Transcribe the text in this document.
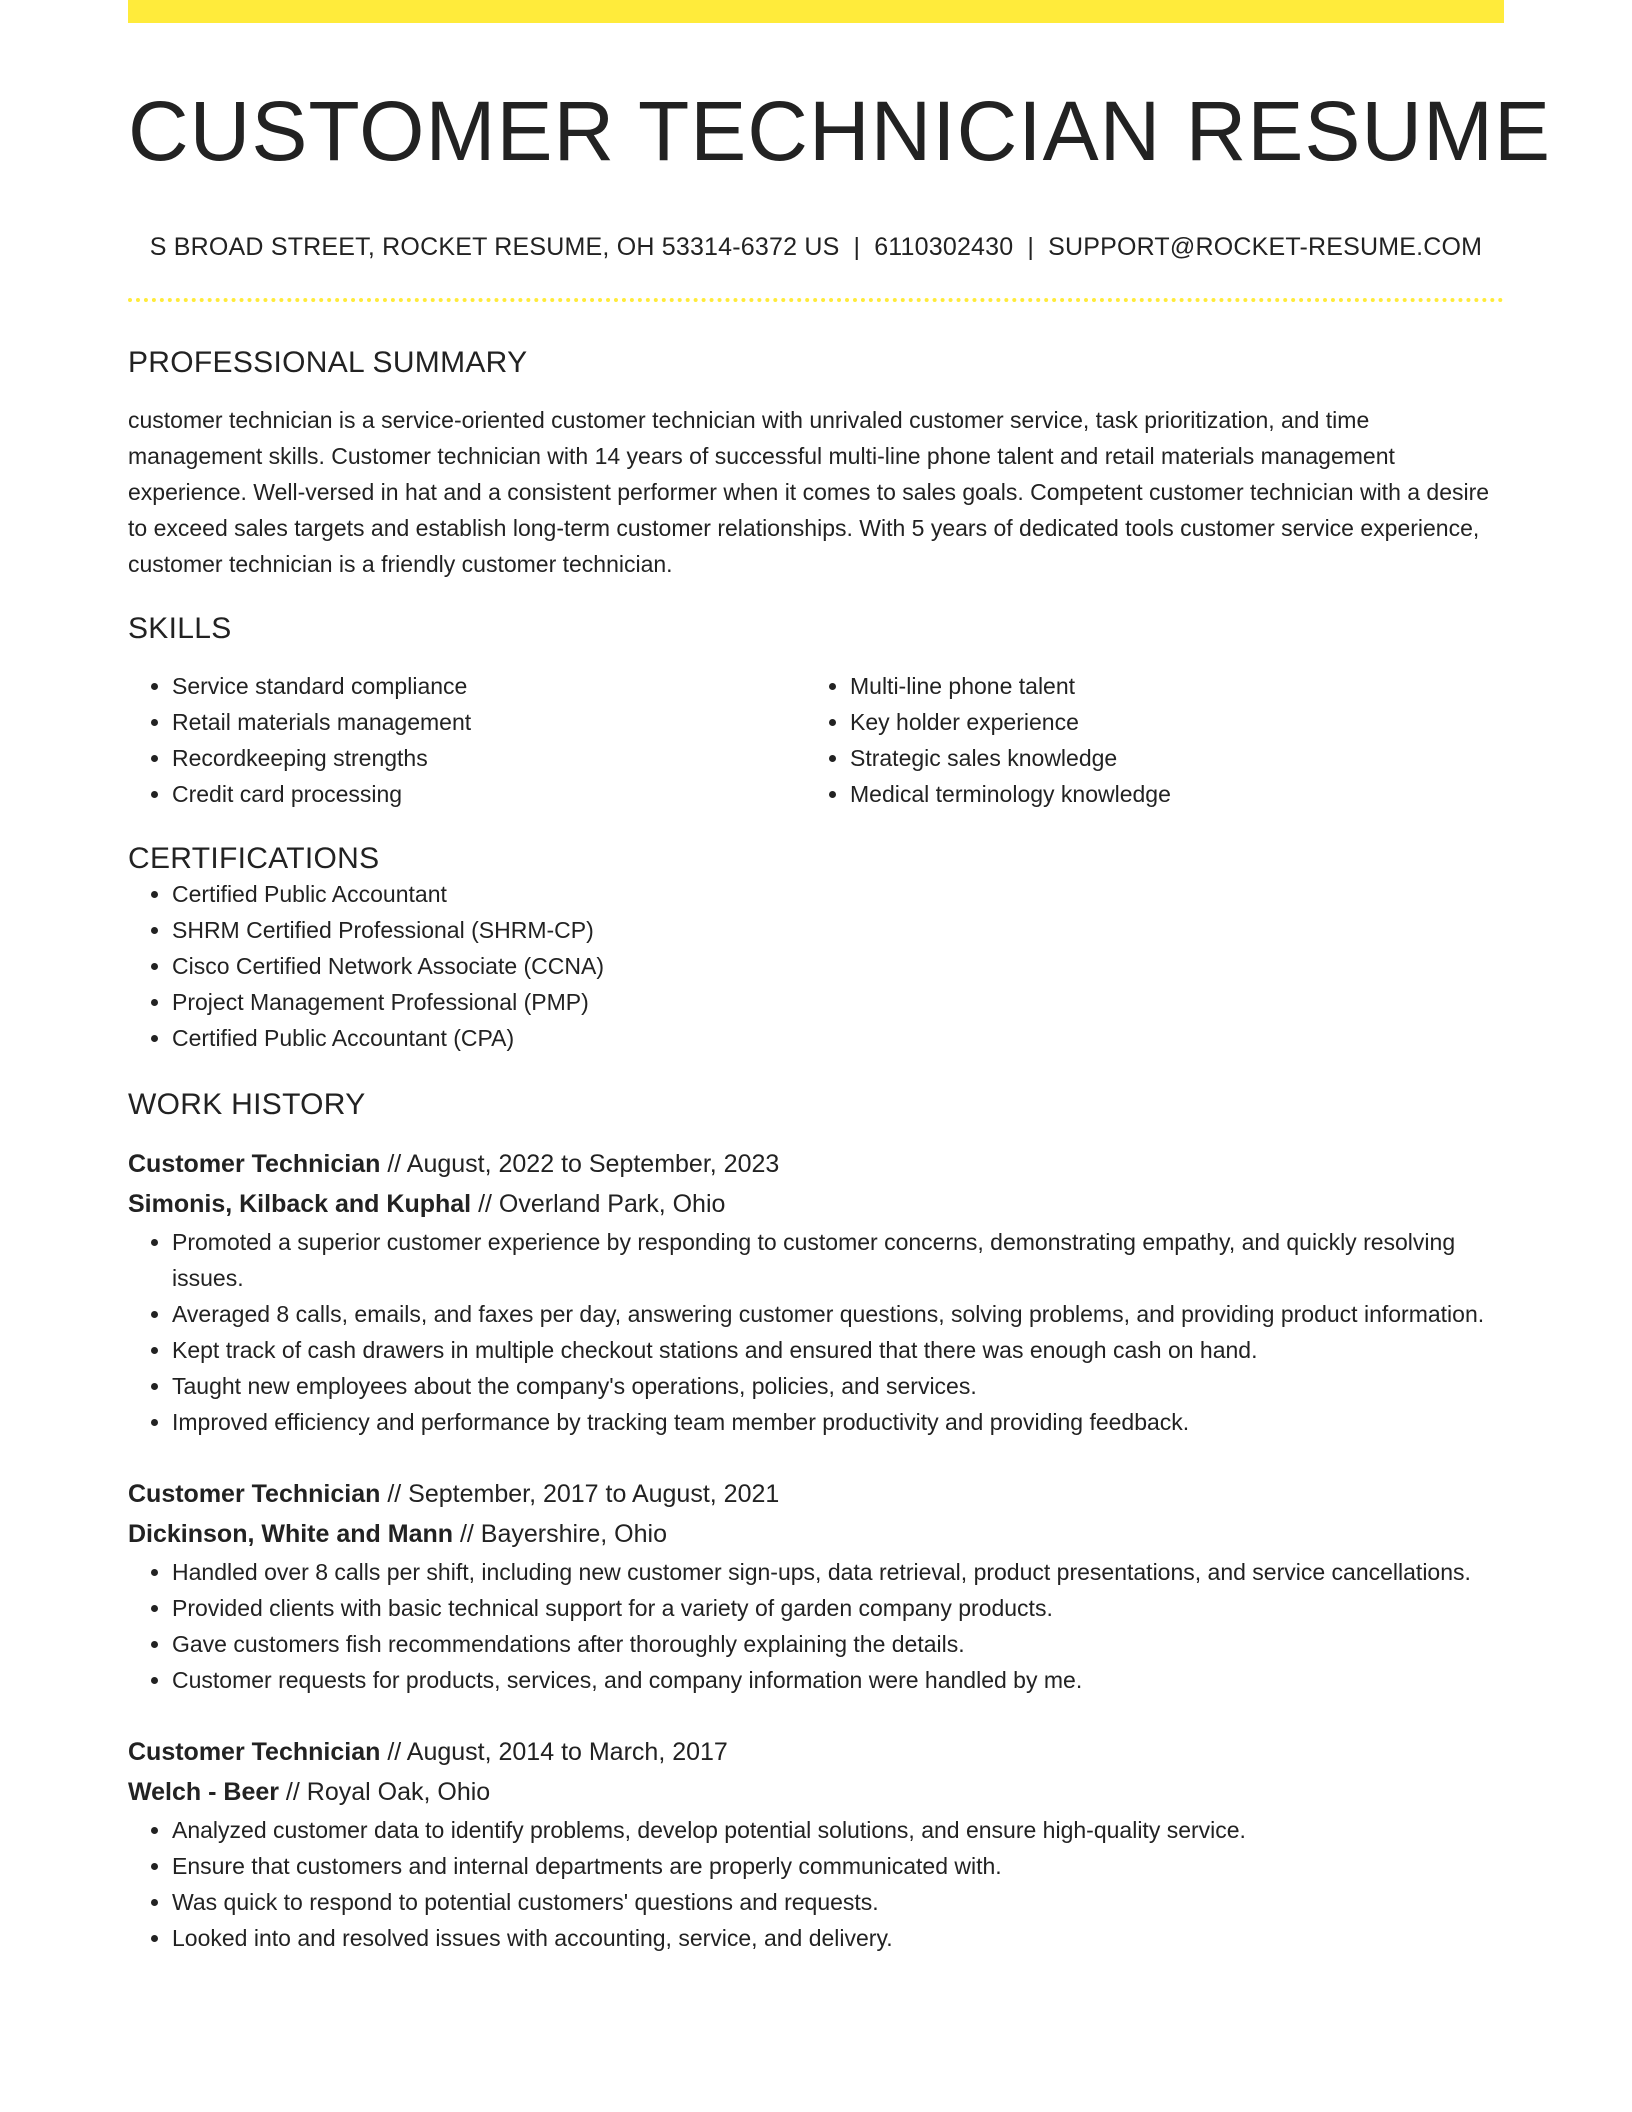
CUSTOMER TECHNICIAN RESUME
S BROAD STREET, ROCKET RESUME, OH 53314-6372 US | 6110302430 | SUPPORT@ROCKET-RESUME.COM
PROFESSIONAL SUMMARY

customer technician is a service-oriented customer technician with unrivaled customer service, task prioritization, and time management skills. Customer technician with 14 years of successful multi-line phone talent and retail materials management experience. Well-versed in hat and a consistent performer when it comes to sales goals. Competent customer technician with a desire to exceed sales targets and establish long-term customer relationships. With 5 years of dedicated tools customer service experience, customer technician is a friendly customer technician.

SKILLS
• Service standard compliance
• Retail materials management
• Recordkeeping strengths
• Credit card processing
• Multi-line phone talent
• Key holder experience
• Strategic sales knowledge
• Medical terminology knowledge
CERTIFICATIONS
• Certified Public Accountant
• SHRM Certified Professional (SHRM-CP)
• Cisco Certified Network Associate (CCNA)
• Project Management Professional (PMP)
• Certified Public Accountant (CPA)
WORK HISTORY
Customer Technician // August, 2022 to September, 2023
Simonis, Kilback and Kuphal // Overland Park, Ohio
• Promoted a superior customer experience by responding to customer concerns, demonstrating empathy, and quickly resolving issues.
• Averaged 8 calls, emails, and faxes per day, answering customer questions, solving problems, and providing product information.
• Kept track of cash drawers in multiple checkout stations and ensured that there was enough cash on hand.
• Taught new employees about the company's operations, policies, and services.
• Improved efficiency and performance by tracking team member productivity and providing feedback.
Customer Technician // September, 2017 to August, 2021
Dickinson, White and Mann // Bayershire, Ohio
• Handled over 8 calls per shift, including new customer sign-ups, data retrieval, product presentations, and service cancellations.
• Provided clients with basic technical support for a variety of garden company products.
• Gave customers fish recommendations after thoroughly explaining the details.
• Customer requests for products, services, and company information were handled by me.
Customer Technician // August, 2014 to March, 2017
Welch - Beer // Royal Oak, Ohio
• Analyzed customer data to identify problems, develop potential solutions, and ensure high-quality service.
• Ensure that customers and internal departments are properly communicated with.
• Was quick to respond to potential customers' questions and requests.
• Looked into and resolved issues with accounting, service, and delivery.
